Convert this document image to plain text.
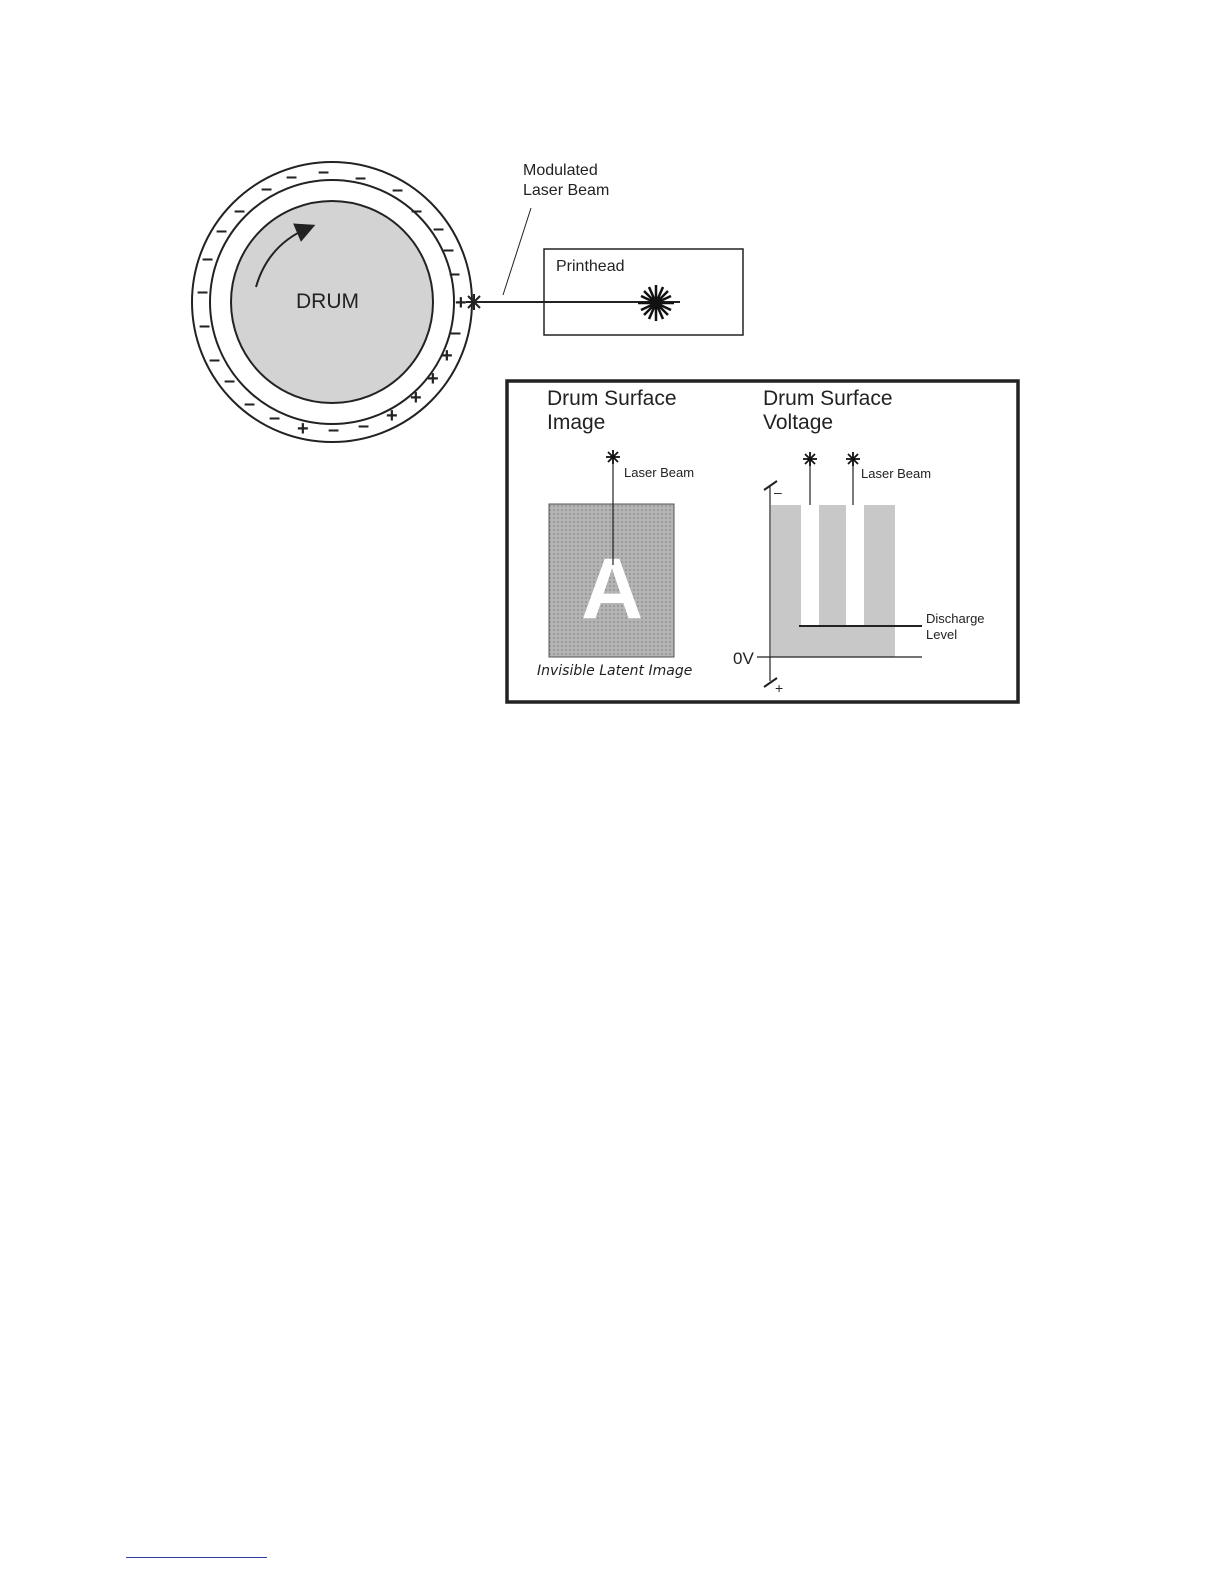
DRUM
–
– – –
–
–
–
–
–
–
–
–
–
–
–
–
–
–
–
– –
+
+
+
+
+
+
Modulated
Laser Beam
Printhead
Drum Surface
Image
A
Laser Beam
Invisible Latent Image
Drum Surface
Voltage
–
+
0V
Discharge
Level
Laser Beam
